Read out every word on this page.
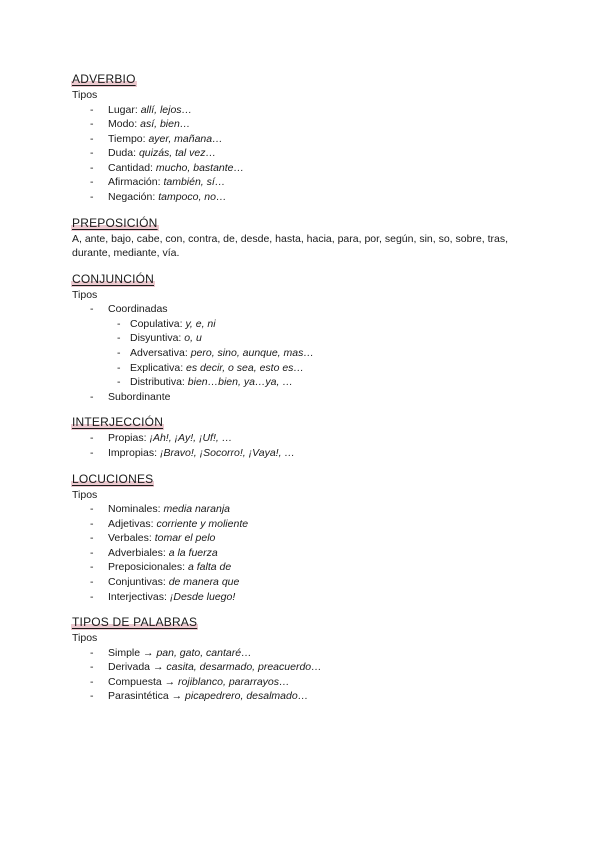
ADVERBIO
Tipos
- Lugar: allí, lejos…
- Modo: así, bien…
- Tiempo: ayer, mañana…
- Duda: quizás, tal vez…
- Cantidad: mucho, bastante…
- Afirmación: también, sí…
- Negación: tampoco, no…
PREPOSICIÓN
A, ante, bajo, cabe, con, contra, de, desde, hasta, hacia, para, por, según, sin, so, sobre, tras, durante, mediante, vía.
CONJUNCIÓN
Tipos
- Coordinadas
- Copulativa: y, e, ni
- Disyuntiva: o, u
- Adversativa: pero, sino, aunque, mas…
- Explicativa: es decir, o sea, esto es…
- Distributiva: bien…bien, ya…ya, …
- Subordinante
INTERJECCIÓN
- Propias: ¡Ah!, ¡Ay!, ¡Uf!, …
- Impropias: ¡Bravo!, ¡Socorro!, ¡Vaya!, …
LOCUCIONES
Tipos
- Nominales: media naranja
- Adjetivas: corriente y moliente
- Verbales: tomar el pelo
- Adverbiales: a la fuerza
- Preposicionales: a falta de
- Conjuntivas: de manera que
- Interjectivas: ¡Desde luego!
TIPOS DE PALABRAS
Tipos
- Simple → pan, gato, cantaré…
- Derivada → casita, desarmado, preacuerdo…
- Compuesta → rojiblanco, pararrayos…
- Parasintética → picapedrero, desalmado…
